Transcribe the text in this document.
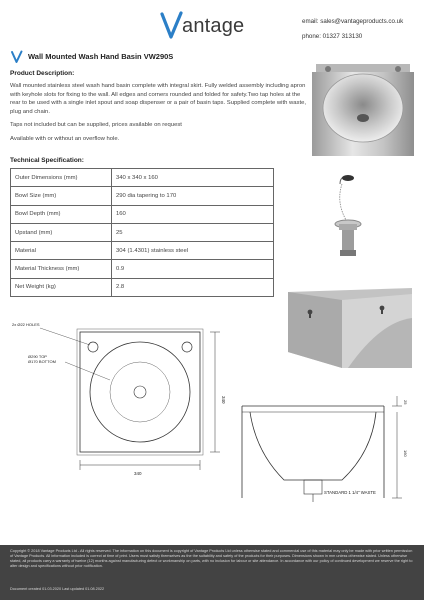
antage	email: sales@vantageproducts.co.uk
phone: 01327 313130
Wall Mounted Wash Hand Basin VW290S
Product Description:

Wall mounted stainless steel wash hand basin complete with integral skirt. Fully welded assembly including apron with keyhole slots for fixing to the wall. All edges and corners rounded and folded for safety.Two tap holes at the rear to be used with a single inlet spout and soap dispenser or a pair of basin taps. Supplied complete with waste, plug and chain.

Taps not included but can be supplied, prices available on request

Available with or without an overflow hole.

Technical Specification:
Outer Dimensions (mm)	340 x 340 x 160
Bowl Size (mm)	290 dia tapering to 170
Bowl Depth (mm)	160
Upstand (mm)	25
Material	304 (1.4301) stainless steel
Material Thickness (mm)	0.9
Net Weight (kg)	2.8
2x Ø22 HOLES
Ø290 TOP
Ø170 BOTTOM
340
340	25
160
STANDARD 1 1/4" WASTE
Copyright © 2018 Vantage Products Ltd - All rights reserved. The information on this document is copyright of Vantage Products Ltd unless otherwise stated and commercial use of this material may only be made with prior written permission of Vantage Products. All information included is correct at time of print. Users must satisfy themselves as the the suitability and safety of the products for their purposes. Dimensions shown in mm unless otherwise stated. Unless otherwise stated, all products carry a warranty of twelve (12) months against manufacturing defect or workmanship on parts, with no inclusion for labour or site attendance. In accordance with our policy of continued development we reserve the right to alter design and specifications without prior notification.
Document created 01.03.2020 Last updated 01.08.2022
